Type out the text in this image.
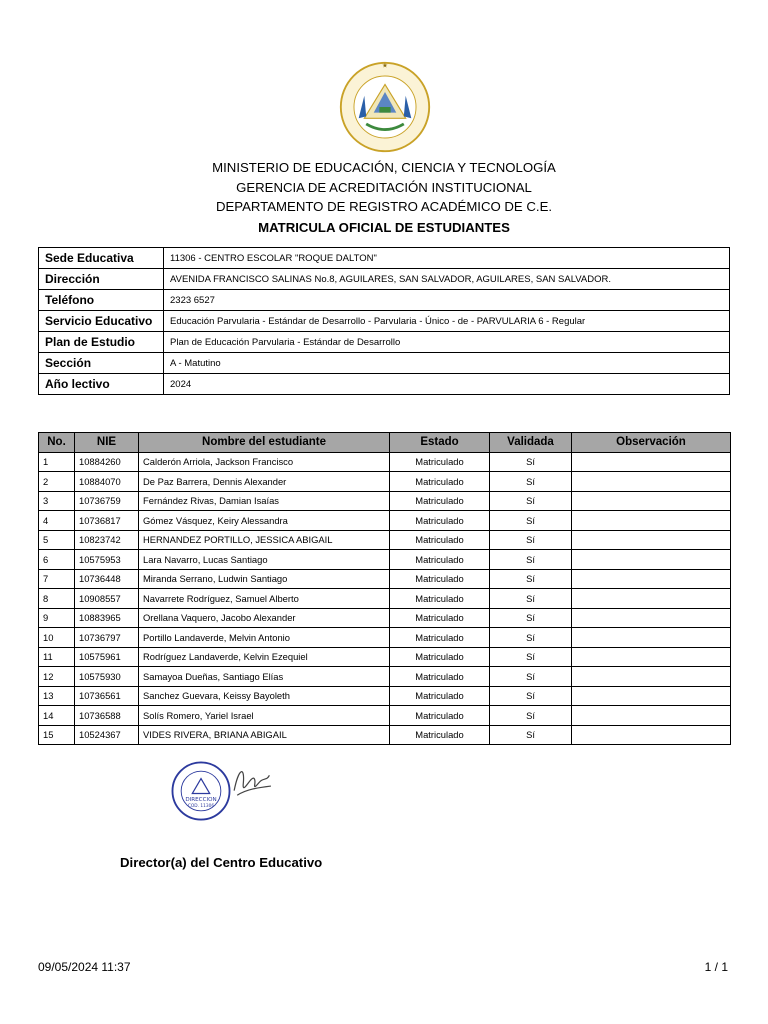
★
MINISTERIO DE EDUCACIÓN, CIENCIA Y TECNOLOGÍA
GERENCIA DE ACREDITACIÓN INSTITUCIONAL
DEPARTAMENTO DE REGISTRO ACADÉMICO DE C.E.
MATRICULA OFICIAL DE ESTUDIANTES
Sede Educativa	11306 - CENTRO ESCOLAR "ROQUE DALTON"
Dirección	AVENIDA FRANCISCO SALINAS No.8, AGUILARES, SAN SALVADOR, AGUILARES, SAN SALVADOR.
Teléfono	2323 6527
Servicio Educativo	Educación Parvularia - Estándar de Desarrollo - Parvularia - Único - de - PARVULARIA 6 - Regular
Plan de Estudio	Plan de Educación Parvularia - Estándar de Desarrollo
Sección	A - Matutino
Año lectivo	2024
No.	NIE	Nombre del estudiante	Estado	Validada	Observación
1	10884260	Calderón Arriola, Jackson Francisco	Matriculado	Sí	
2	10884070	De Paz Barrera, Dennis Alexander	Matriculado	Sí	
3	10736759	Fernández Rivas, Damian Isaías	Matriculado	Sí	
4	10736817	Gómez Vásquez, Keiry Alessandra	Matriculado	Sí	
5	10823742	HERNANDEZ PORTILLO, JESSICA ABIGAIL	Matriculado	Sí	
6	10575953	Lara Navarro, Lucas Santiago	Matriculado	Sí	
7	10736448	Miranda Serrano, Ludwin Santiago	Matriculado	Sí	
8	10908557	Navarrete Rodríguez, Samuel Alberto	Matriculado	Sí	
9	10883965	Orellana Vaquero, Jacobo Alexander	Matriculado	Sí	
10	10736797	Portillo Landaverde, Melvin Antonio	Matriculado	Sí	
11	10575961	Rodríguez Landaverde, Kelvin Ezequiel	Matriculado	Sí	
12	10575930	Samayoa Dueñas, Santiago Elías	Matriculado	Sí	
13	10736561	Sanchez Guevara, Keissy Bayoleth	Matriculado	Sí	
14	10736588	Solís Romero, Yariel Israel	Matriculado	Sí	
15	10524367	VIDES RIVERA, BRIANA ABIGAIL	Matriculado	Sí	
DIRECCION
COD. 11306
Director(a) del Centro Educativo
09/05/2024 11:37	1 / 1
